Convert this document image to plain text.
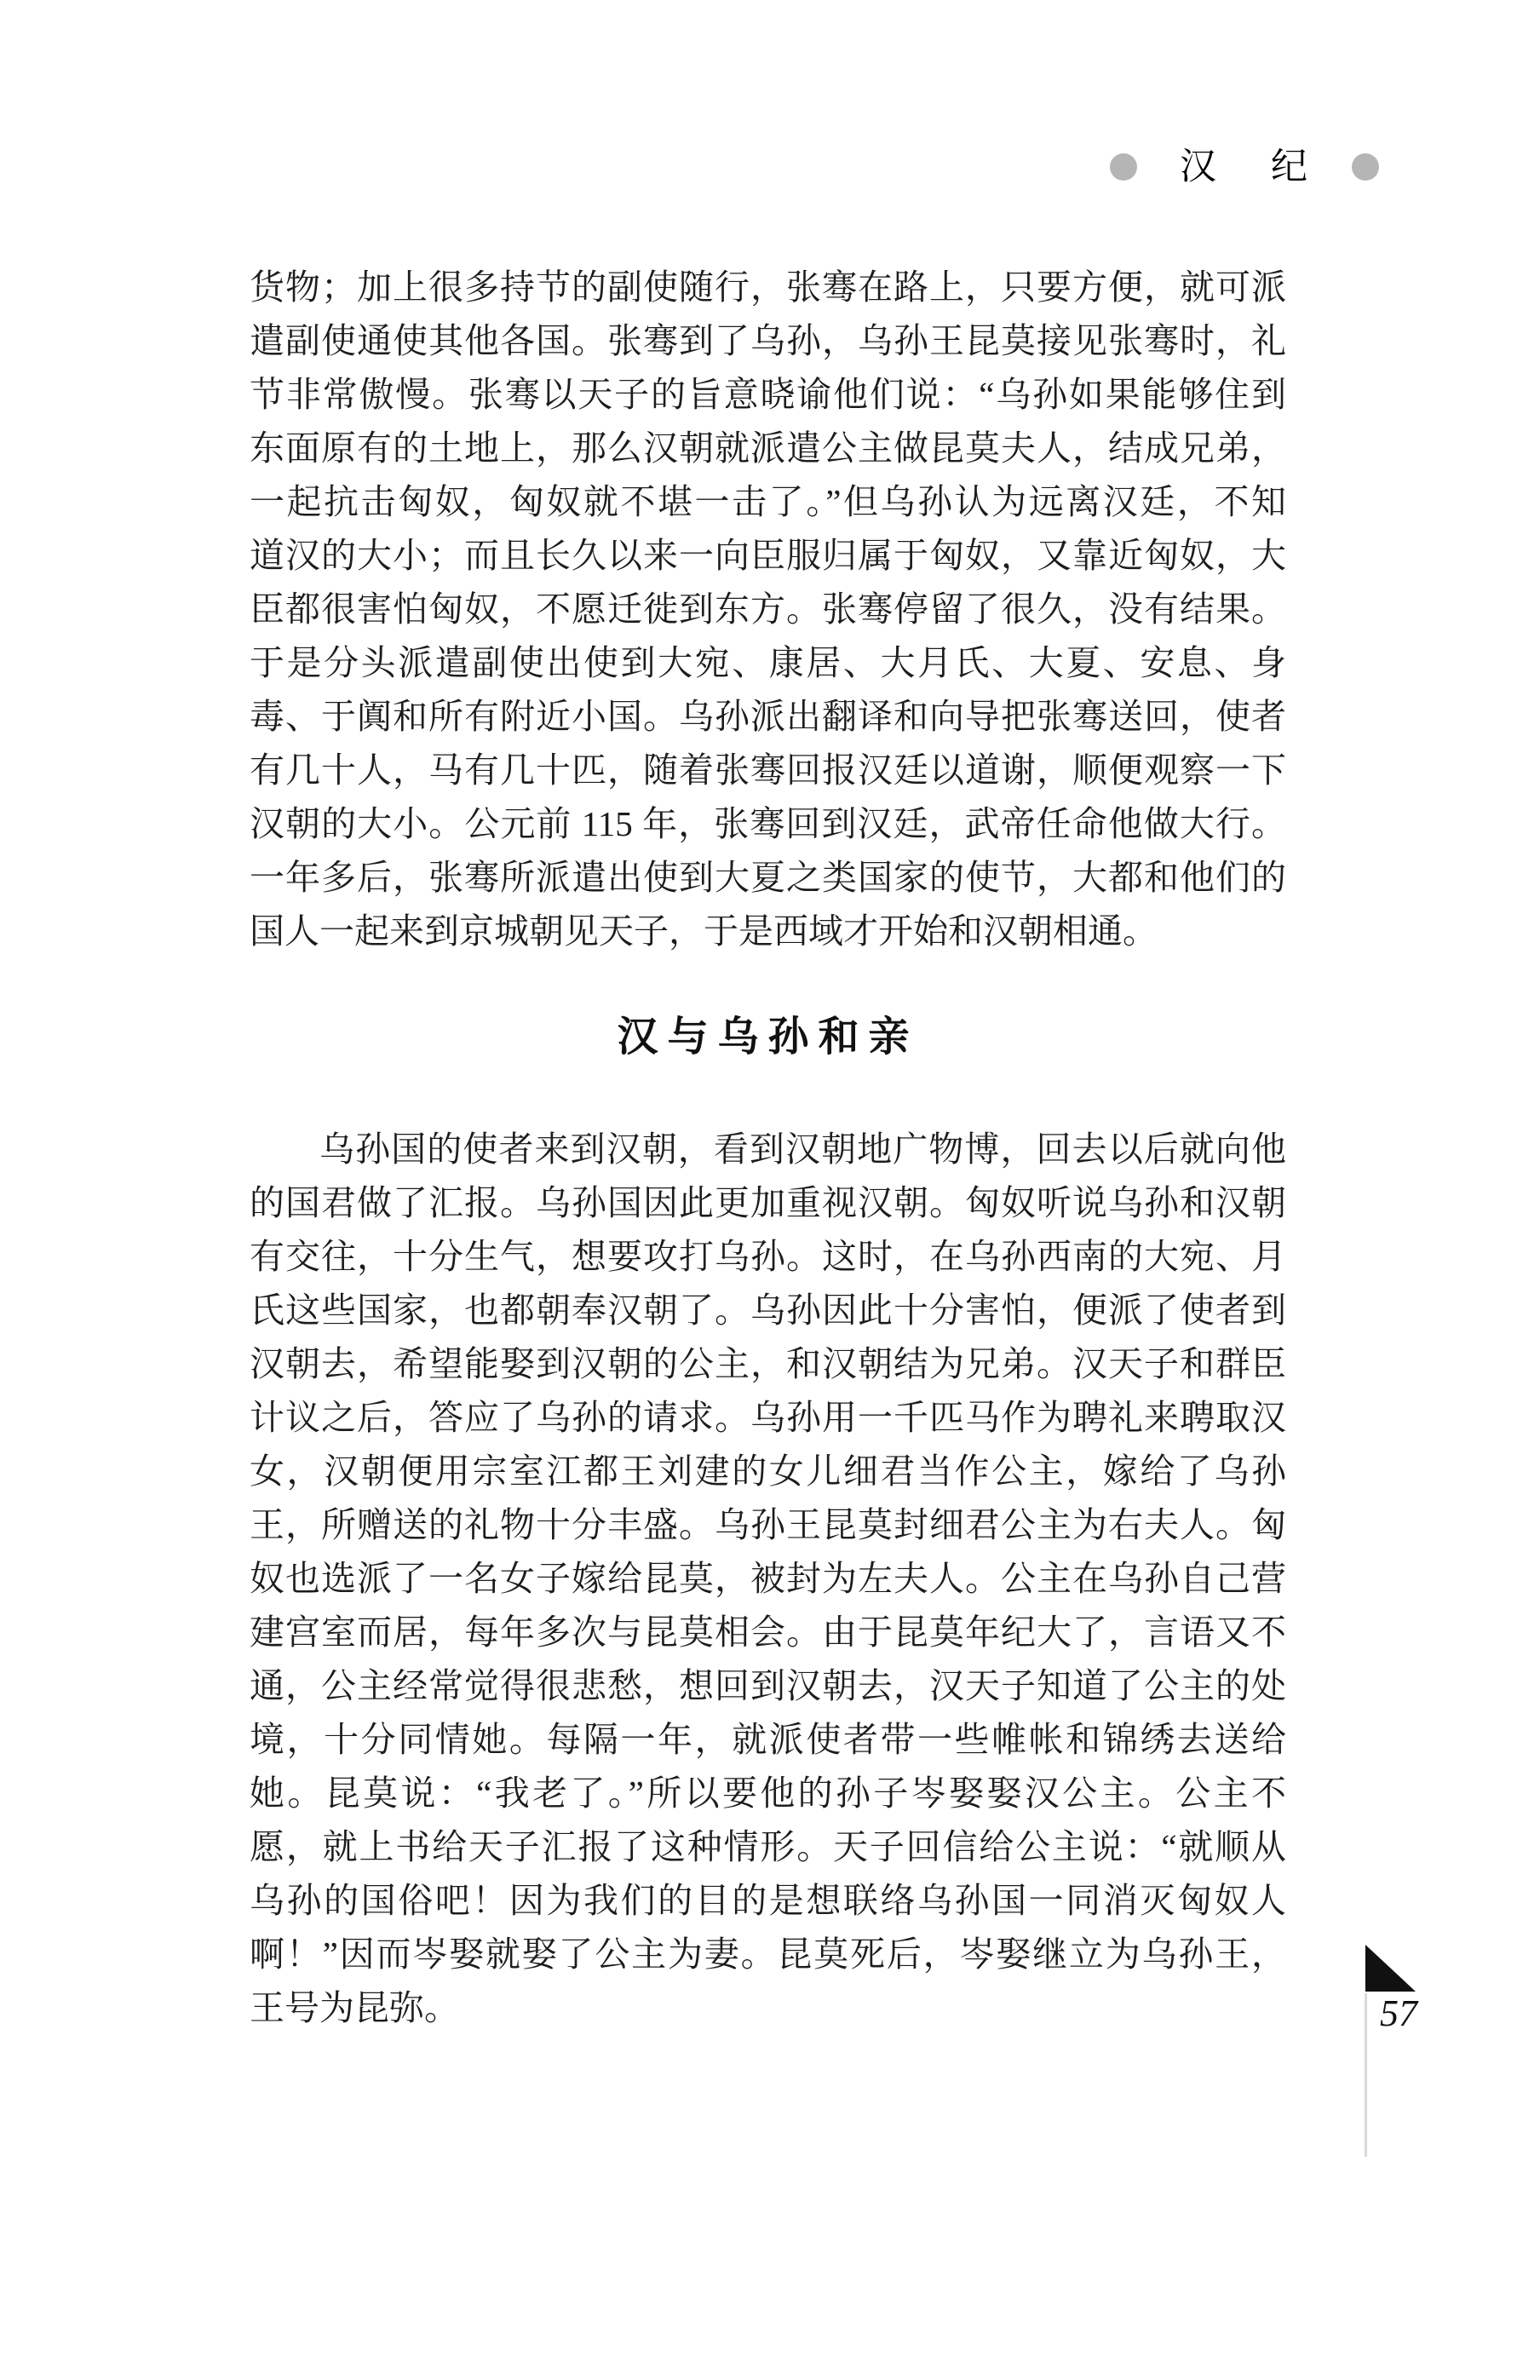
汉 纪
货物；加上很多持节的副使随行，张骞在路上，只要方便，就可派
遣副使通使其他各国。张骞到了乌孙，乌孙王昆莫接见张骞时，礼
节非常傲慢。张骞以天子的旨意晓谕他们说：“乌孙如果能够住到
东面原有的土地上，那么汉朝就派遣公主做昆莫夫人，结成兄弟，
一起抗击匈奴，匈奴就不堪一击了。”但乌孙认为远离汉廷，不知
道汉的大小；而且长久以来一向臣服归属于匈奴，又靠近匈奴，大
臣都很害怕匈奴，不愿迁徙到东方。张骞停留了很久，没有结果。
于是分头派遣副使出使到大宛、康居、大月氏、大夏、安息、身
毒、于阗和所有附近小国。乌孙派出翻译和向导把张骞送回，使者
有几十人，马有几十匹，随着张骞回报汉廷以道谢，顺便观察一下
汉朝的大小。公元前 115 年，张骞回到汉廷，武帝任命他做大行。
一年多后，张骞所派遣出使到大夏之类国家的使节，大都和他们的
国人一起来到京城朝见天子，于是西域才开始和汉朝相通。
汉与乌孙和亲
乌孙国的使者来到汉朝，看到汉朝地广物博，回去以后就向他
的国君做了汇报。乌孙国因此更加重视汉朝。匈奴听说乌孙和汉朝
有交往，十分生气，想要攻打乌孙。这时，在乌孙西南的大宛、月
氏这些国家，也都朝奉汉朝了。乌孙因此十分害怕，便派了使者到
汉朝去，希望能娶到汉朝的公主，和汉朝结为兄弟。汉天子和群臣
计议之后，答应了乌孙的请求。乌孙用一千匹马作为聘礼来聘取汉
女，汉朝便用宗室江都王刘建的女儿细君当作公主，嫁给了乌孙
王，所赠送的礼物十分丰盛。乌孙王昆莫封细君公主为右夫人。匈
奴也选派了一名女子嫁给昆莫，被封为左夫人。公主在乌孙自己营
建宫室而居，每年多次与昆莫相会。由于昆莫年纪大了，言语又不
通，公主经常觉得很悲愁，想回到汉朝去，汉天子知道了公主的处
境，十分同情她。每隔一年，就派使者带一些帷帐和锦绣去送给
她。昆莫说：“我老了。”所以要他的孙子岑娶娶汉公主。公主不
愿，就上书给天子汇报了这种情形。天子回信给公主说：“就顺从
乌孙的国俗吧！因为我们的目的是想联络乌孙国一同消灭匈奴人
啊！”因而岑娶就娶了公主为妻。昆莫死后，岑娶继立为乌孙王，
王号为昆弥。	57
